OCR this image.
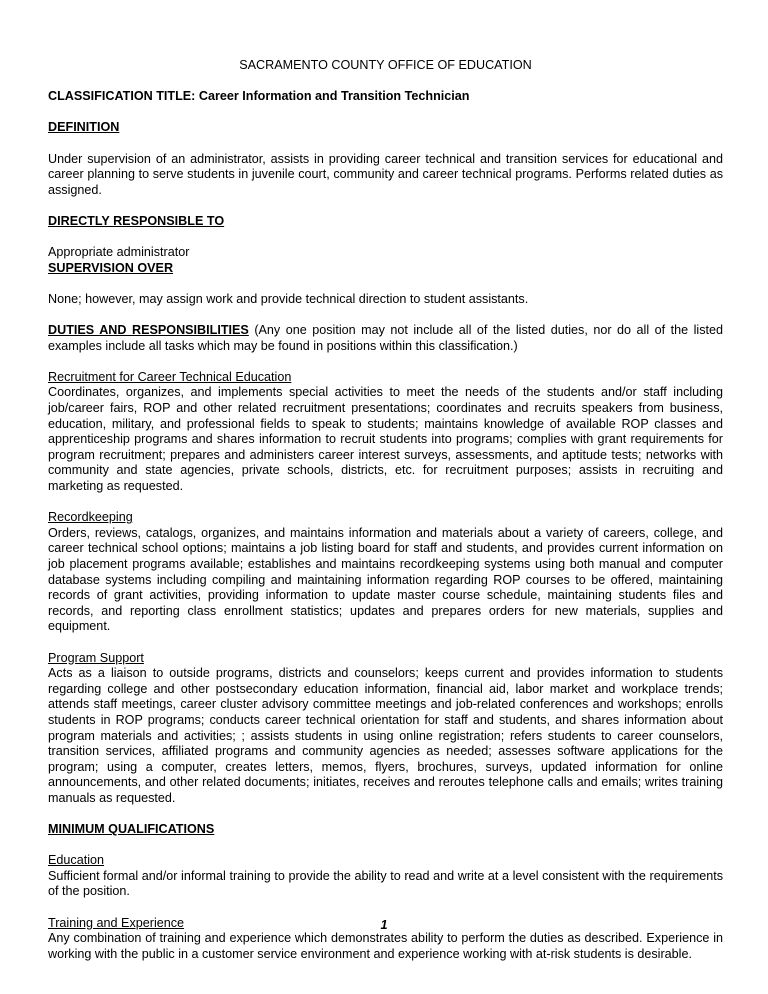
SACRAMENTO COUNTY OFFICE OF EDUCATION

CLASSIFICATION TITLE: Career Information and Transition Technician

DEFINITION

Under supervision of an administrator, assists in providing career technical and transition services for educational and career planning to serve students in juvenile court, community and career technical programs. Performs related duties as assigned.

DIRECTLY RESPONSIBLE TO

Appropriate administrator

SUPERVISION OVER

None; however, may assign work and provide technical direction to student assistants.

DUTIES AND RESPONSIBILITIES (Any one position may not include all of the listed duties, nor do all of the listed examples include all tasks which may be found in positions within this classification.)

Recruitment for Career Technical Education

Coordinates, organizes, and implements special activities to meet the needs of the students and/or staff including job/career fairs, ROP and other related recruitment presentations; coordinates and recruits speakers from business, education, military, and professional fields to speak to students; maintains knowledge of available ROP classes and apprenticeship programs and shares information to recruit students into programs; complies with grant requirements for program recruitment; prepares and administers career interest surveys, assessments, and aptitude tests; networks with community and state agencies, private schools, districts, etc. for recruitment purposes; assists in recruiting and marketing as requested.

Recordkeeping

Orders, reviews, catalogs, organizes, and maintains information and materials about a variety of careers, college, and career technical school options; maintains a job listing board for staff and students, and provides current information on job placement programs available; establishes and maintains recordkeeping systems using both manual and computer database systems including compiling and maintaining information regarding ROP courses to be offered, maintaining records of grant activities, providing information to update master course schedule, maintaining students files and records, and reporting class enrollment statistics; updates and prepares orders for new materials, supplies and equipment.

Program Support

Acts as a liaison to outside programs, districts and counselors; keeps current and provides information to students regarding college and other postsecondary education information, financial aid, labor market and workplace trends; attends staff meetings, career cluster advisory committee meetings and job-related conferences and workshops; enrolls students in ROP programs; conducts career technical orientation for staff and students, and shares information about program materials and activities; ; assists students in using online registration; refers students to career counselors, transition services, affiliated programs and community agencies as needed; assesses software applications for the program; using a computer, creates letters, memos, flyers, brochures, surveys, updated information for online announcements, and other related documents; initiates, receives and reroutes telephone calls and emails; writes training manuals as requested.

MINIMUM QUALIFICATIONS

Education

Sufficient formal and/or informal training to provide the ability to read and write at a level consistent with the requirements of the position.

Training and Experience

Any combination of training and experience which demonstrates ability to perform the duties as described. Experience in working with the public in a customer service environment and experience working with at-risk students is desirable.

1
